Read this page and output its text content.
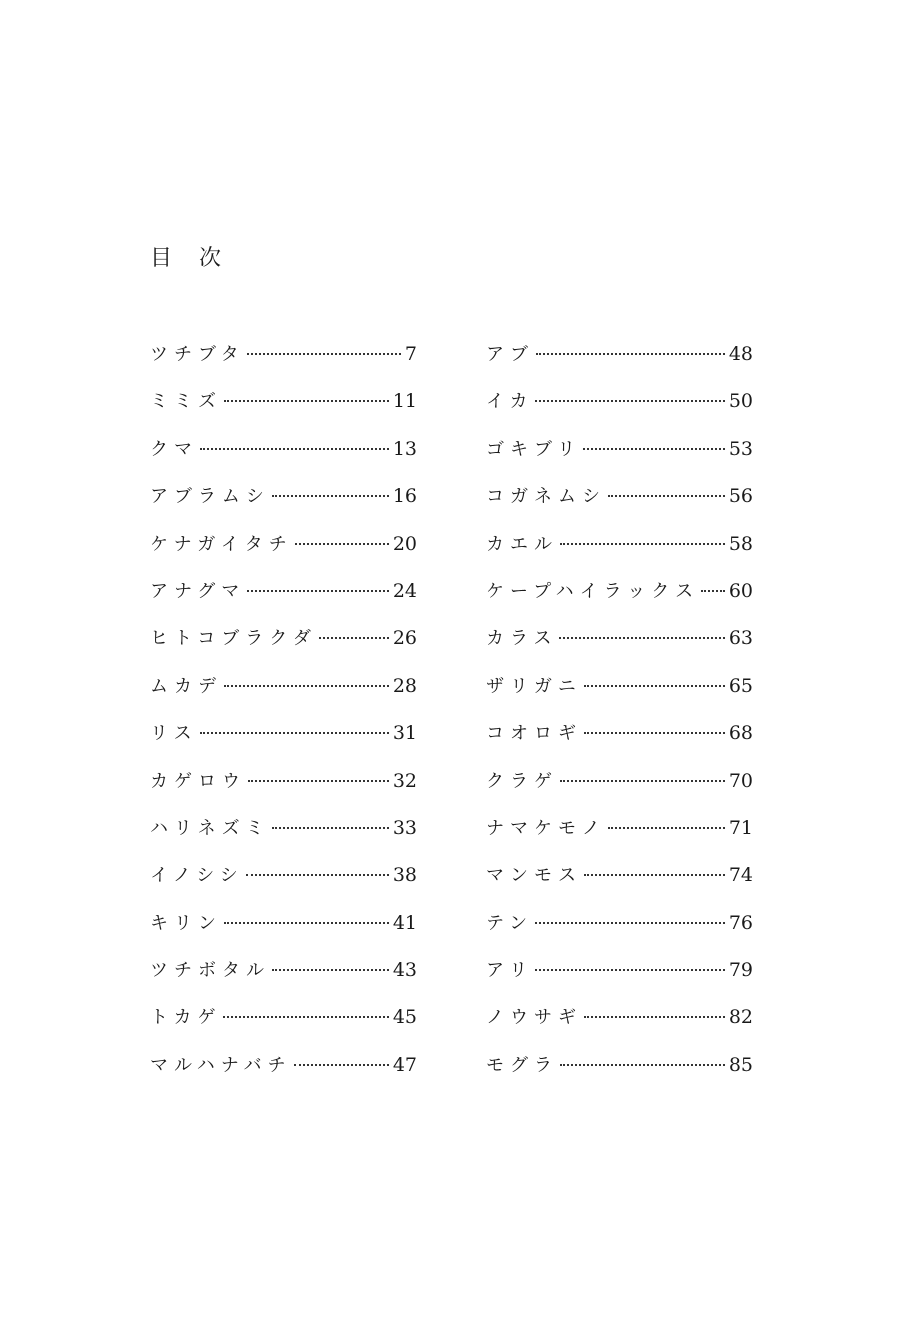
目 次
ツチブタ	7
ミミズ	11
クマ	13
アブラムシ	16
ケナガイタチ	20
アナグマ	24
ヒトコブラクダ	26
ムカデ	28
リス	31
カゲロウ	32
ハリネズミ	33
イノシシ	38
キリン	41
ツチボタル	43
トカゲ	45
マルハナバチ	47
アブ	48
イカ	50
ゴキブリ	53
コガネムシ	56
カエル	58
ケープハイラックス 60
カラス	63
ザリガニ	65
コオロギ	68
クラゲ	70
ナマケモノ	71
マンモス	74
テン	76
アリ	79
ノウサギ	82
モグラ	85
